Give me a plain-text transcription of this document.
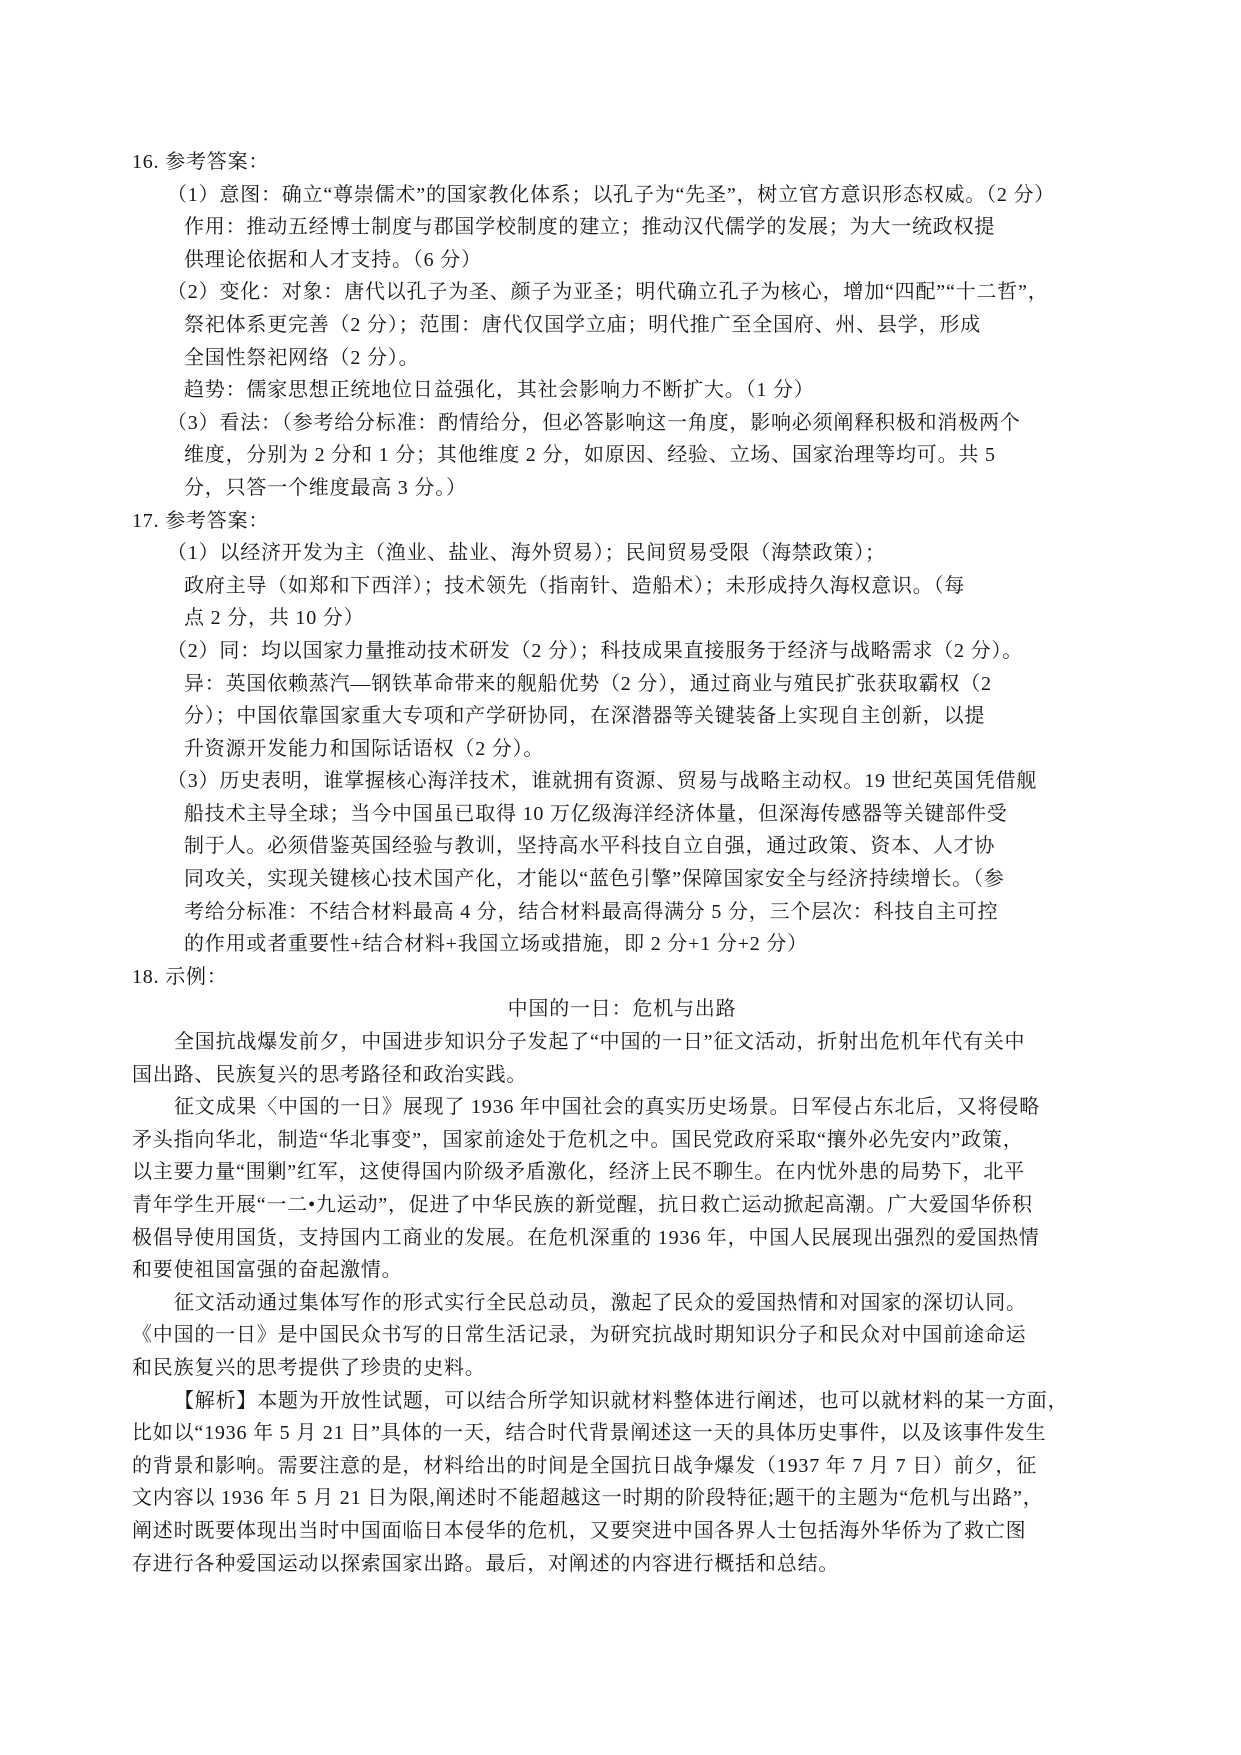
16. 参考答案：
（1）意图：确立“尊崇儒术”的国家教化体系；以孔子为“先圣”，树立官方意识形态权威。（2 分）
作用：推动五经博士制度与郡国学校制度的建立；推动汉代儒学的发展；为大一统政权提
供理论依据和人才支持。（6 分）
（2）变化：对象：唐代以孔子为圣、颜子为亚圣；明代确立孔子为核心，增加“四配”“十二哲”，
祭祀体系更完善（2 分）；范围：唐代仅国学立庙；明代推广至全国府、州、县学，形成
全国性祭祀网络（2 分）。
趋势：儒家思想正统地位日益强化，其社会影响力不断扩大。（1 分）
（3）看法：（参考给分标准：酌情给分，但必答影响这一角度，影响必须阐释积极和消极两个
维度，分别为 2 分和 1 分；其他维度 2 分，如原因、经验、立场、国家治理等均可。共 5
分，只答一个维度最高 3 分。）
17. 参考答案：
（1）以经济开发为主（渔业、盐业、海外贸易）；民间贸易受限（海禁政策）；
政府主导（如郑和下西洋）；技术领先（指南针、造船术）；未形成持久海权意识。（每
点 2 分，共 10 分）
（2）同：均以国家力量推动技术研发（2 分）；科技成果直接服务于经济与战略需求（2 分）。
异：英国依赖蒸汽—钢铁革命带来的舰船优势（2 分），通过商业与殖民扩张获取霸权（2
分）；中国依靠国家重大专项和产学研协同，在深潜器等关键装备上实现自主创新，以提
升资源开发能力和国际话语权（2 分）。
（3）历史表明，谁掌握核心海洋技术，谁就拥有资源、贸易与战略主动权。19 世纪英国凭借舰
船技术主导全球；当今中国虽已取得 10 万亿级海洋经济体量，但深海传感器等关键部件受
制于人。必须借鉴英国经验与教训，坚持高水平科技自立自强，通过政策、资本、人才协
同攻关，实现关键核心技术国产化，才能以“蓝色引擎”保障国家安全与经济持续增长。（参
考给分标准：不结合材料最高 4 分，结合材料最高得满分 5 分，三个层次：科技自主可控
的作用或者重要性+结合材料+我国立场或措施，即 2 分+1 分+2 分）
18. 示例：
中国的一日：危机与出路
全国抗战爆发前夕，中国进步知识分子发起了“中国的一日”征文活动，折射出危机年代有关中
国出路、民族复兴的思考路径和政治实践。
征文成果〈中国的一日》展现了 1936 年中国社会的真实历史场景。日军侵占东北后，又将侵略
矛头指向华北，制造“华北事变”，国家前途处于危机之中。国民党政府采取“攘外必先安内”政策，
以主要力量“围剿”红军，这使得国内阶级矛盾激化，经济上民不聊生。在内忧外患的局势下，北平
青年学生开展“一二•九运动”，促进了中华民族的新觉醒，抗日救亡运动掀起高潮。广大爱国华侨积
极倡导使用国货，支持国内工商业的发展。在危机深重的 1936 年，中国人民展现出强烈的爱国热情
和要使祖国富强的奋起激情。
征文活动通过集体写作的形式实行全民总动员，激起了民众的爱国热情和对国家的深切认同。
《中国的一日》是中国民众书写的日常生活记录，为研究抗战时期知识分子和民众对中国前途命运
和民族复兴的思考提供了珍贵的史料。
【解析】本题为开放性试题，可以结合所学知识就材料整体进行阐述，也可以就材料的某一方面，
比如以“1936 年 5 月 21 日”具体的一天，结合时代背景阐述这一天的具体历史事件，以及该事件发生
的背景和影响。需要注意的是，材料给出的时间是全国抗日战争爆发（1937 年 7 月 7 日）前夕，征
文内容以 1936 年 5 月 21 日为限,阐述时不能超越这一时期的阶段特征;题干的主题为“危机与出路”，
阐述时既要体现出当时中国面临日本侵华的危机，又要突进中国各界人士包括海外华侨为了救亡图
存进行各种爱国运动以探索国家出路。最后，对阐述的内容进行概括和总结。
